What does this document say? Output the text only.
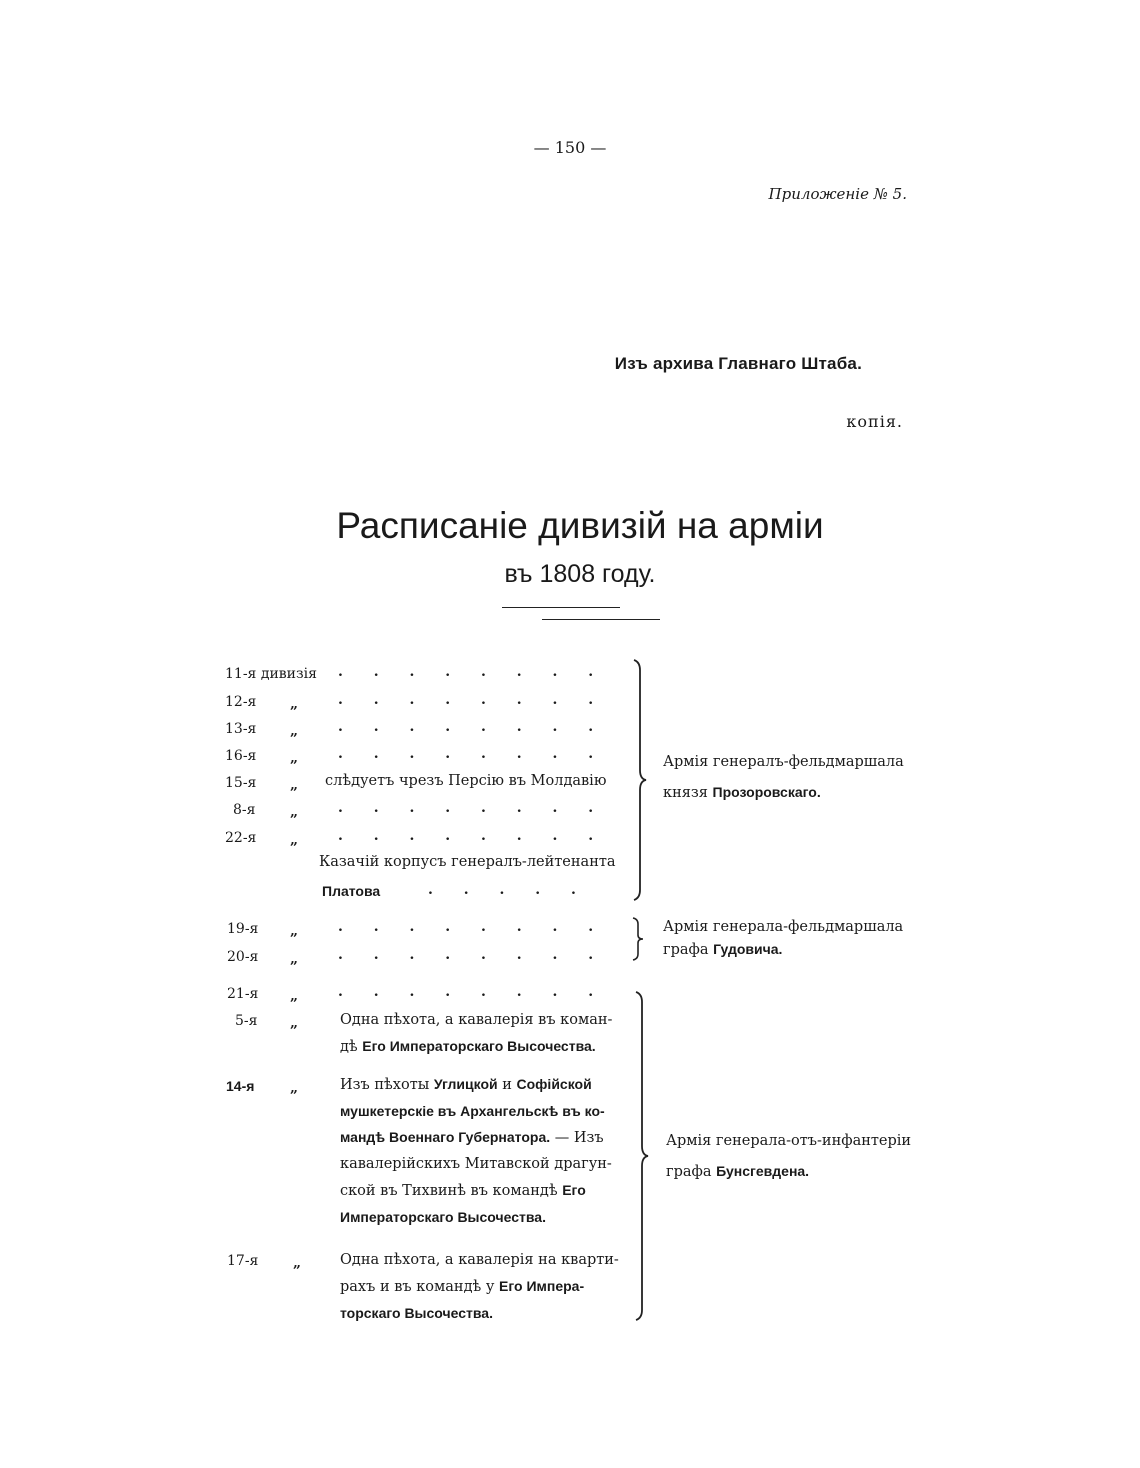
— 150 —
Приложеніе № 5.
Изъ архива Главнаго Штаба.
копія.
Расписаніе дивизій на арміи
въ 1808 году.
11-я дивизія . . . . . . . .
12-я „	. . . . . . . .
13-я „	. . . . . . . .
16-я „	. . . . . . . .
15-я „ слѣдуетъ чрезъ Персію въ Молдавію
8-я „	. . . . . . . .
22-я „	. . . . . . . .
Казачій корпусъ генералъ-лейтенанта
Платова	. . . . .
Армія генералъ-фельдмаршала
князя Прозоровскаго.
19-я „	. . . . . . . .
20-я „	. . . . . . . .
Армія генерала-фельдмаршала
графа Гудовича.
21-я „	. . . . . . . .
5-я „	Одна пѣхота, а кавалерія въ коман-
дѣ Его Императорскаго Высочества.
14-я	„	Изъ пѣхоты Углицкой и Софійской
мушкетерскіе въ Архангельскѣ въ ко-
мандѣ Военнаго Губернатора. — Изъ
кавалерійскихъ Митавской драгун-
ской въ Тихвинѣ въ командѣ Его
Императорскаго Высочества.
17-я „	Одна пѣхота, а кавалерія на кварти-
рахъ и въ командѣ у Его Импера-
торскаго Высочества.
Армія генерала-отъ-инфантеріи
графа Бунсгевдена.
